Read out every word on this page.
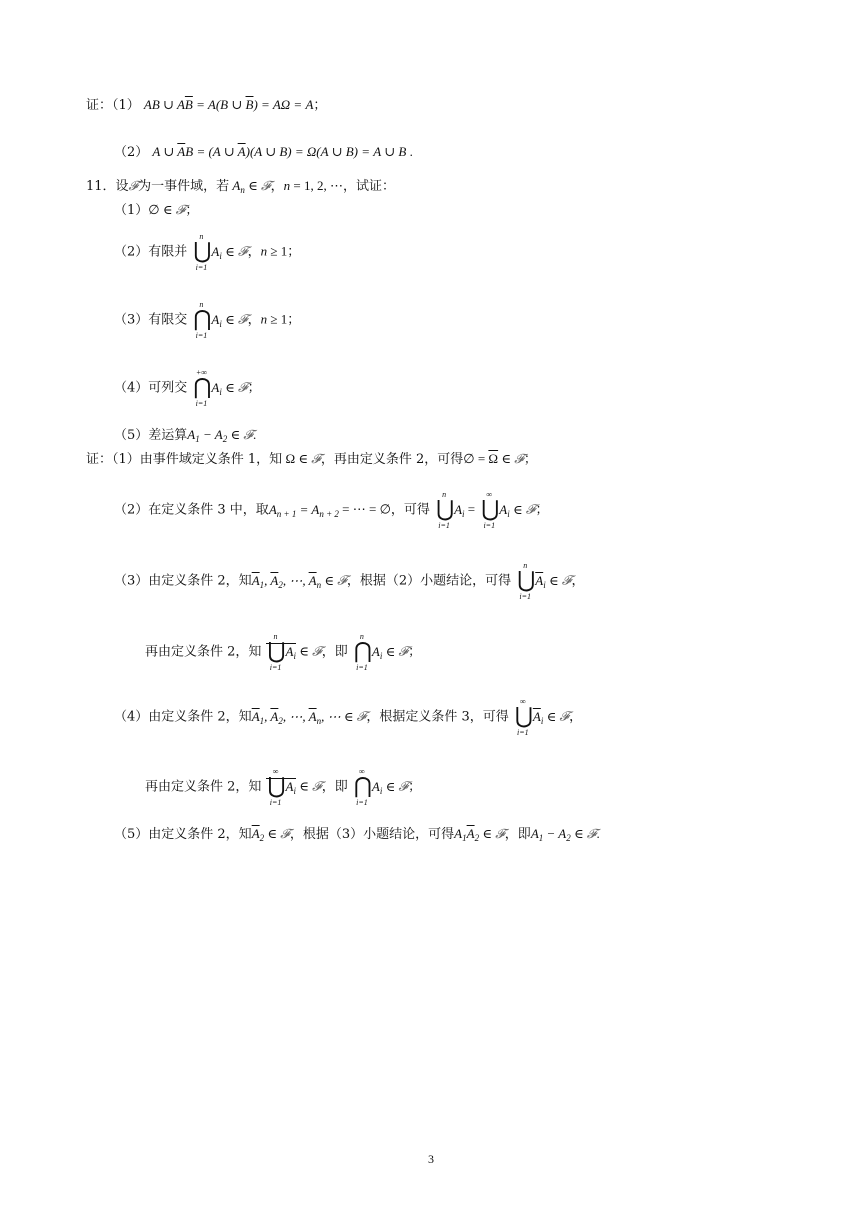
证：（1） AB ∪ $A\overline{B} = A(B$ ∪ $\overline{B}) = A\Omega = A$；
（2） A ∪ $\overline{A}B = (A$ ∪ $\overline{A})(A$ ∪ B) = Ω(A ∪ B) = A ∪ B .
11．设𝓕为一事件域，若 $A_n$ ∈ 𝓕，n = 1, 2, ⋯，试证：
（1）∅ ∈ 𝓕；
（2）有限并
n
⋃
i=1
$A_i$ ∈ 𝓕，n ≥ 1；
（3）有限交
n
⋂
i=1
$A_i$ ∈ 𝓕，n ≥ 1；
（4）可列交
+∞
⋂
i=1
$A_i$ ∈ 𝓕；
（5）差运算$A_1 - A_2$ ∈ 𝓕.
证：（1）由事件域定义条件 1，知 Ω ∈ 𝓕，再由定义条件 2，可得∅ = $\overline{\Omega}$ ∈ 𝓕；
（2）在定义条件 3 中，取$A_{n + 1} = A_{n + 2}$ = ⋯ = ∅，可得
n
⋃
i=1
$A_i$ =
∞
⋃
i=1
$A_i$ ∈ 𝓕；
（3）由定义条件 2，知$\overline{A}_1$, $\overline{A}_2$, ⋯, $\overline{A}_n$ ∈ 𝓕，根据（2）小题结论，可得
n
⋃
i=1
$\overline{A}_i$ ∈ 𝓕，
再由定义条件 2，知
n
⋃
i=1
$\overline{A}_i$ ∈ 𝓕，即
n
⋂
i=1
$A_i$ ∈ 𝓕；
（4）由定义条件 2，知$\overline{A}_1$, $\overline{A}_2$, ⋯, $\overline{A}_n$, ⋯ ∈ 𝓕，根据定义条件 3，可得
∞
⋃
i=1
$\overline{A}_i$ ∈ 𝓕，
再由定义条件 2，知
∞
⋃
i=1
$\overline{A}_i$ ∈ 𝓕，即
∞
⋂
i=1
$A_i$ ∈ 𝓕；
（5）由定义条件 2，知$\overline{A}_2$ ∈ 𝓕，根据（3）小题结论，可得$A_1\overline{A}_2$ ∈ 𝓕，即$A_1 - A_2$ ∈ 𝓕.
3
